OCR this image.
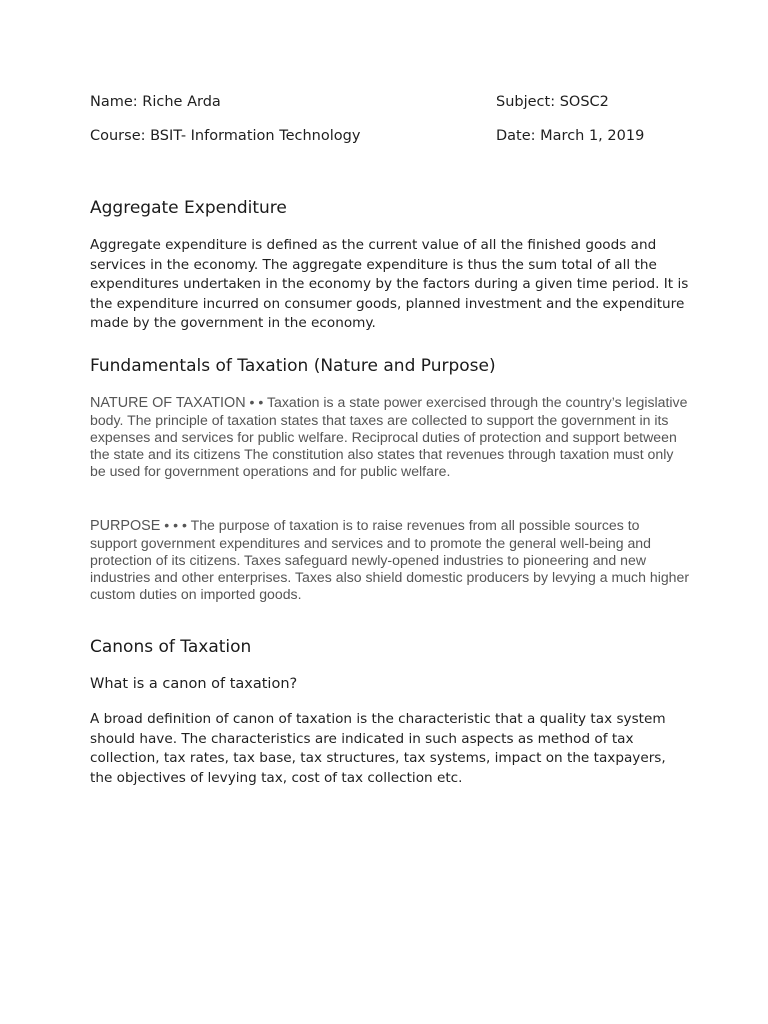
Name: Riche Arda	Subject: SOSC2
Course: BSIT- Information Technology	Date: March 1, 2019
Aggregate Expenditure

Aggregate expenditure is defined as the current value of all the finished goods and services in the economy. The aggregate expenditure is thus the sum total of all the expenditures undertaken in the economy by the factors during a given time period. It is the expenditure incurred on consumer goods, planned investment and the expenditure made by the government in the economy.

Fundamentals of Taxation (Nature and Purpose)

NATURE OF TAXATION • • Taxation is a state power exercised through the country’s legislative body. The principle of taxation states that taxes are collected to support the government in its expenses and services for public welfare. Reciprocal duties of protection and support between the state and its citizens The constitution also states that revenues through taxation must only be used for government operations and for public welfare.

PURPOSE • • • The purpose of taxation is to raise revenues from all possible sources to support government expenditures and services and to promote the general well-being and protection of its citizens. Taxes safeguard newly-opened industries to pioneering and new industries and other enterprises. Taxes also shield domestic producers by levying a much higher custom duties on imported goods.

Canons of Taxation

What is a canon of taxation?

A broad definition of canon of taxation is the characteristic that a quality tax system should have. The characteristics are indicated in such aspects as method of tax collection, tax rates, tax base, tax structures, tax systems, impact on the taxpayers, the objectives of levying tax, cost of tax collection etc.
